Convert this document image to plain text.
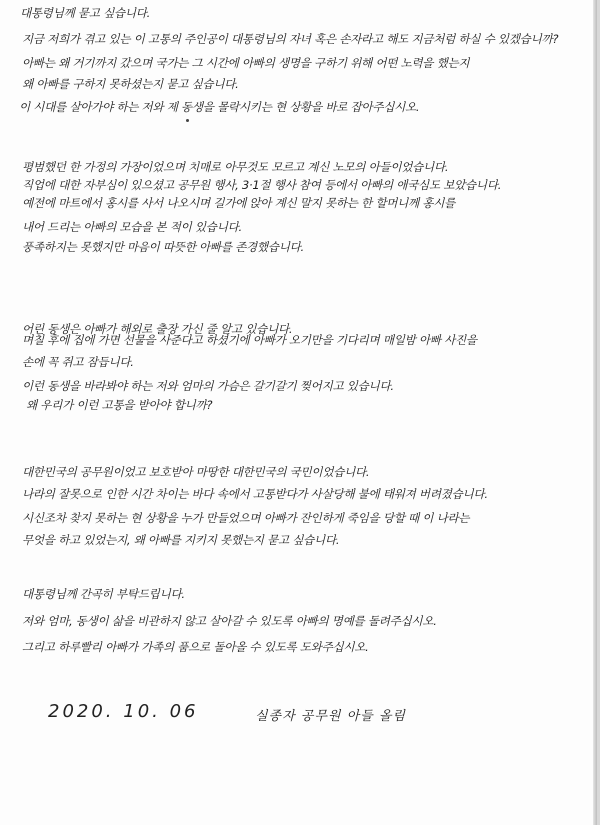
대통령님께 묻고 싶습니다.
지금 저희가 겪고 있는 이 고통의 주인공이 대통령님의 자녀 혹은 손자라고 해도 지금처럼 하실 수 있겠습니까?
아빠는 왜 거기까지 갔으며 국가는 그 시간에 아빠의 생명을 구하기 위해 어떤 노력을 했는지
왜 아빠를 구하지 못하셨는지 묻고 싶습니다.
이 시대를 살아가야 하는 저와 제 동생을 몰락시키는 현 상황을 바로 잡아주십시오.
평범했던 한 가정의 가장이었으며 치매로 아무것도 모르고 계신 노모의 아들이었습니다.
직업에 대한 자부심이 있으셨고 공무원 행사, 3·1절 행사 참여 등에서 아빠의 애국심도 보았습니다.
예전에 마트에서 홍시를 사서 나오시며 길가에 앉아 계신 말지 못하는 한 할머니께 홍시를
내어 드리는 아빠의 모습을 본 적이 있습니다.
풍족하지는 못했지만 마음이 따뜻한 아빠를 존경했습니다.
어린 동생은 아빠가 해외로 출장 가신 줄 알고 있습니다.
며칠 후에 집에 가면 선물을 사준다고 하셨기에 아빠가 오기만을 기다리며 매일밤 아빠 사진을
손에 꼭 쥐고 잠듭니다.
이런 동생을 바라봐야 하는 저와 엄마의 가슴은 갈기갈기 찢어지고 있습니다.
왜 우리가 이런 고통을 받아야 합니까?
대한민국의 공무원이었고 보호받아 마땅한 대한민국의 국민이었습니다.
나라의 잘못으로 인한 시간 차이는 바다 속에서 고통받다가 사살당해 불에 태워져 버려졌습니다.
시신조차 찾지 못하는 현 상황을 누가 만들었으며 아빠가 잔인하게 죽임을 당할 때 이 나라는
무엇을 하고 있었는지, 왜 아빠를 지키지 못했는지 묻고 싶습니다.
대통령님께 간곡히 부탁드립니다.
저와 엄마, 동생이 삶을 비관하지 않고 살아갈 수 있도록 아빠의 명예를 돌려주십시오.
그리고 하루빨리 아빠가 가족의 품으로 돌아올 수 있도록 도와주십시오.
2020. 10. 06	실종자 공무원 아들 올림
